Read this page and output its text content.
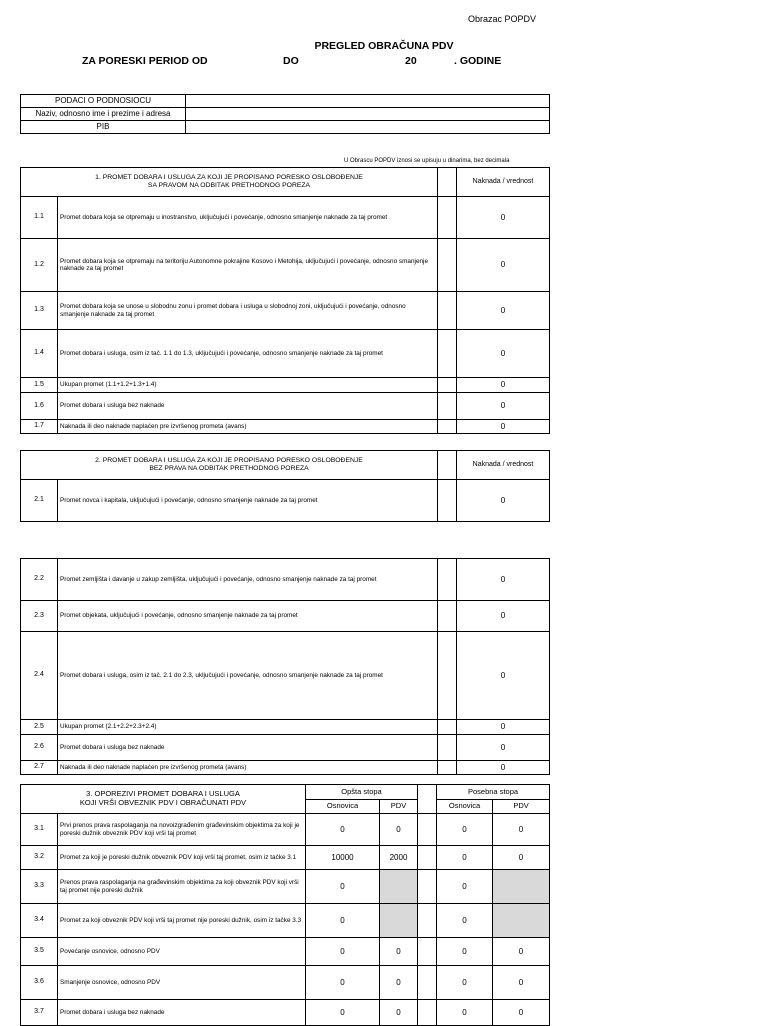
Obrazac POPDV
PREGLED OBRAČUNA PDV
ZA PORESKI PERIOD OD	DO	20	. GODINE
PODACI O PODNOSIOCU	
Naziv, odnosno ime i prezime i adresa	
PIB	
U Obrascu POPDV iznosi se upisuju u dinarima, bez decimala
1. PROMET DOBARA I USLUGA ZA KOJI JE PROPISANO PORESKO OSLOBOĐENJE
SA PRAVOM NA ODBITAK PRETHODNOG POREZA			Naknada / vrednost
1.1	Promet dobara koja se otpremaju u inostranstvo, uključujući i povećanje, odnosno smanjenje naknade za taj promet		0
1.2	Promet dobara koja se otpremaju na teritoriju Autonomne pokrajine Kosovo i Metohija, uključujući i povećanje, odnosno smanjenje naknade za taj promet		0
1.3	Promet dobara koja se unose u slobodnu zonu i promet dobara i usluga u slobodnoj zoni, uključujući i povećanje, odnosno smanjenje naknade za taj promet		0
1.4	Promet dobara i usluga, osim iz tač. 1.1 do 1.3, uključujući i povećanje, odnosno smanjenje naknade za taj promet		0
1.5	Ukupan promet (1.1+1.2+1.3+1.4)		0
1.6	Promet dobara i usluga bez naknade		0
1.7	Naknada ili deo naknade naplaćen pre izvršenog prometa (avans)		0
2. PROMET DOBARA I USLUGA ZA KOJI JE PROPISANO PORESKO OSLOBOĐENJE
BEZ PRAVA NA ODBITAK PRETHODNOG POREZA			Naknada / vrednost
2.1	Promet novca i kapitala, uključujući i povećanje, odnosno smanjenje naknade za taj promet		0
2.2	Promet zemljišta i davanje u zakup zemljišta, uključujući i povećanje, odnosno smanjenje naknade za taj promet		0
2.3	Promet objekata, uključujući i povećanje, odnosno smanjenje naknade za taj promet		0
2.4	Promet dobara i usluga, osim iz tač. 2.1 do 2.3, uključujući i povećanje, odnosno smanjenje naknade za taj promet		0
2.5	Ukupan promet (2.1+2.2+2.3+2.4)		0
2.6	Promet dobara i usluga bez naknade		0
2.7	Naknada ili deo naknade naplaćen pre izvršenog prometa (avans)		0
3. OPOREZIVI PROMET DOBARA I USLUGA
KOJI VRŠI OBVEZNIK PDV I OBRAČUNATI PDV		Opšta stopa			Posebna stopa	
		Osnovica	PDV		Osnovica	PDV
3.1	Prvi prenos prava raspolaganja na novoizgrađenim građevinskim objektima za koji je poreski dužnik obveznik PDV koji vrši taj promet	0	0		0	0
3.2	Promet za koji je poreski dužnik obveznik PDV koji vrši taj promet, osim iz tačke 3.1	10000	2000		0	0
3.3	Prenos prava raspolaganja na građevinskim objektima za koji obveznik PDV koji vrši taj promet nije poreski dužnik	0			0	
3.4	Promet za koji obveznik PDV koji vrši taj promet nije poreski dužnik, osim iz tačke 3.3	0			0	
3.5	Povećanje osnovice, odnosno PDV	0	0		0	0
3.6	Smanjenje osnovice, odnosno PDV	0	0		0	0
3.7	Promet dobara i usluga bez naknade	0	0		0	0
